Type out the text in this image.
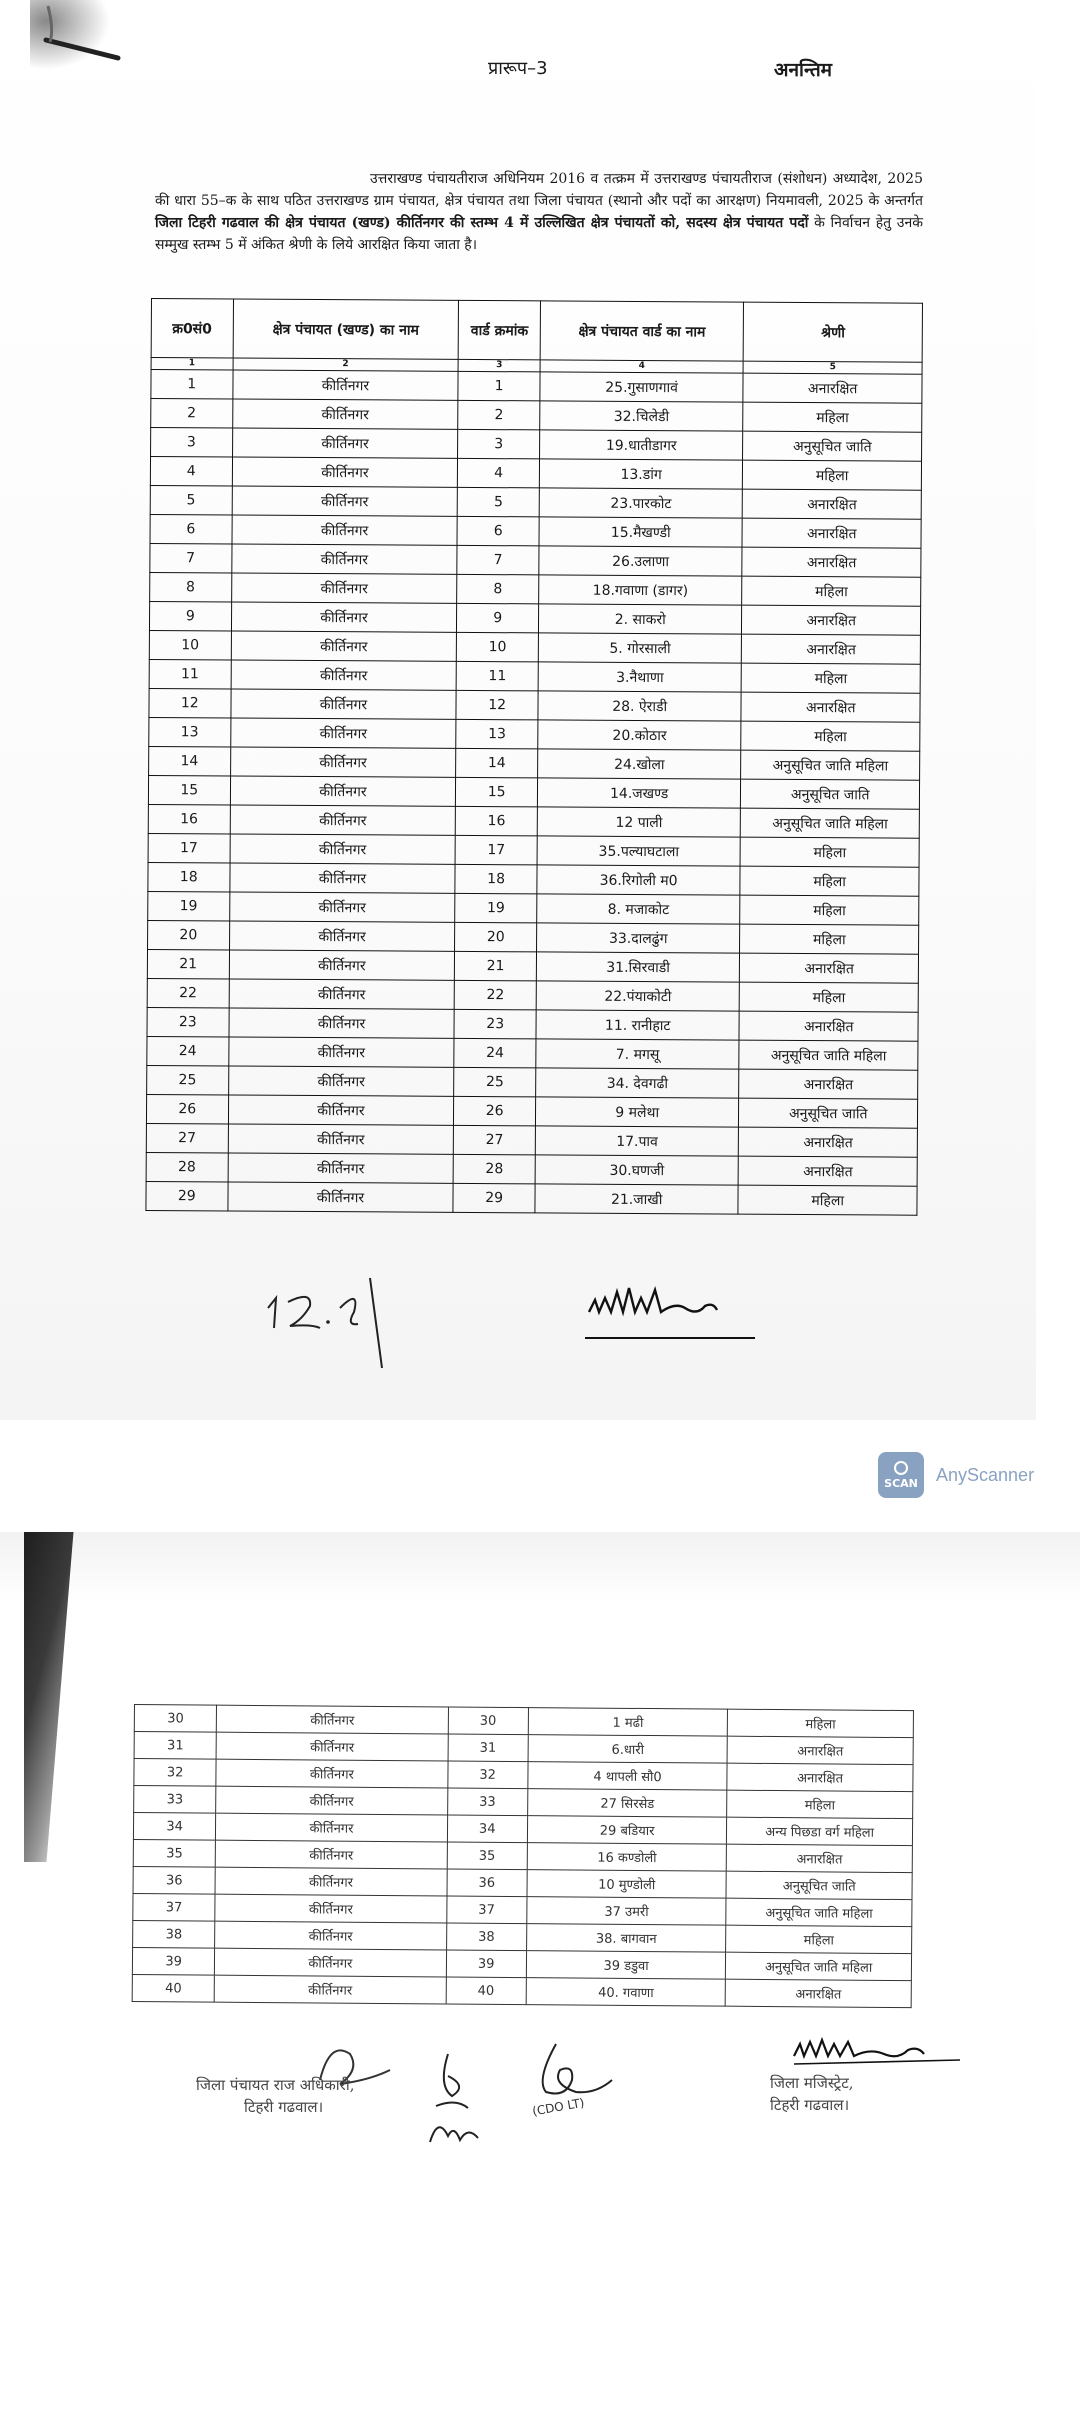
प्रारूप–3	अनन्तिम
उत्तराखण्ड पंचायतीराज अधिनियम 2016 व तत्क्रम में उत्तराखण्ड पंचायतीराज (संशोधन) अध्यादेश, 2025 की धारा 55–क के साथ पठित उत्तराखण्ड ग्राम पंचायत, क्षेत्र पंचायत तथा जिला पंचायत (स्थानो और पदों का आरक्षण) नियमावली, 2025 के अन्तर्गत जिला टिहरी गढवाल की क्षेत्र पंचायत (खण्ड) कीर्तिनगर की स्तम्भ 4 में उल्लिखित क्षेत्र पंचायतों को, सदस्य क्षेत्र पंचायत पदों के निर्वाचन हेतु उनके सम्मुख स्तम्भ 5 में अंकित श्रेणी के लिये आरक्षित किया जाता है।
क्र0सं0	क्षेत्र पंचायत (खण्ड) का नाम	वार्ड क्रमांक	क्षेत्र पंचायत वार्ड का नाम	श्रेणी
1	2	3	4	5
1	कीर्तिनगर	1	25.गुसाणगावं	अनारक्षित
2	कीर्तिनगर	2	32.चिलेडी	महिला
3	कीर्तिनगर	3	19.धातीडागर	अनुसूचित जाति
4	कीर्तिनगर	4	13.डांग	महिला
5	कीर्तिनगर	5	23.पारकोट	अनारक्षित
6	कीर्तिनगर	6	15.मैखण्डी	अनारक्षित
7	कीर्तिनगर	7	26.उलाणा	अनारक्षित
8	कीर्तिनगर	8	18.गवाणा (डागर)	महिला
9	कीर्तिनगर	9	2. साकरो	अनारक्षित
10	कीर्तिनगर	10	5. गोरसाली	अनारक्षित
11	कीर्तिनगर	11	3.नैथाणा	महिला
12	कीर्तिनगर	12	28. ऐराडी	अनारक्षित
13	कीर्तिनगर	13	20.कोठार	महिला
14	कीर्तिनगर	14	24.खोला	अनुसूचित जाति महिला
15	कीर्तिनगर	15	14.जखण्ड	अनुसूचित जाति
16	कीर्तिनगर	16	12 पाली	अनुसूचित जाति महिला
17	कीर्तिनगर	17	35.पल्याघटाला	महिला
18	कीर्तिनगर	18	36.रिगोली म0	महिला
19	कीर्तिनगर	19	8. मजाकोट	महिला
20	कीर्तिनगर	20	33.दालढुंग	महिला
21	कीर्तिनगर	21	31.सिरवाडी	अनारक्षित
22	कीर्तिनगर	22	22.पंयाकोटी	महिला
23	कीर्तिनगर	23	11. रानीहाट	अनारक्षित
24	कीर्तिनगर	24	7. मगसू	अनुसूचित जाति महिला
25	कीर्तिनगर	25	34. देवगढी	अनारक्षित
26	कीर्तिनगर	26	9 मलेथा	अनुसूचित जाति
27	कीर्तिनगर	27	17.पाव	अनारक्षित
28	कीर्तिनगर	28	30.घणजी	अनारक्षित
29	कीर्तिनगर	29	21.जाखी	महिला
SCAN AnyScanner
30	कीर्तिनगर	30	1 मढी	महिला
31	कीर्तिनगर	31	6.धारी	अनारक्षित
32	कीर्तिनगर	32	4 थापली सौ0	अनारक्षित
33	कीर्तिनगर	33	27 सिरसेड	महिला
34	कीर्तिनगर	34	29 बडियार	अन्य पिछडा वर्ग महिला
35	कीर्तिनगर	35	16 कण्डोली	अनारक्षित
36	कीर्तिनगर	36	10 मुण्डोली	अनुसूचित जाति
37	कीर्तिनगर	37	37 उमरी	अनुसूचित जाति महिला
38	कीर्तिनगर	38	38. बागवान	महिला
39	कीर्तिनगर	39	39 डडुवा	अनुसूचित जाति महिला
40	कीर्तिनगर	40	40. गवाणा	अनारक्षित
जिला पंचायत राज अधिकारी,
टिहरी गढवाल।	(CDO LT)
जिला मजिस्ट्रेट,
टिहरी गढवाल।
